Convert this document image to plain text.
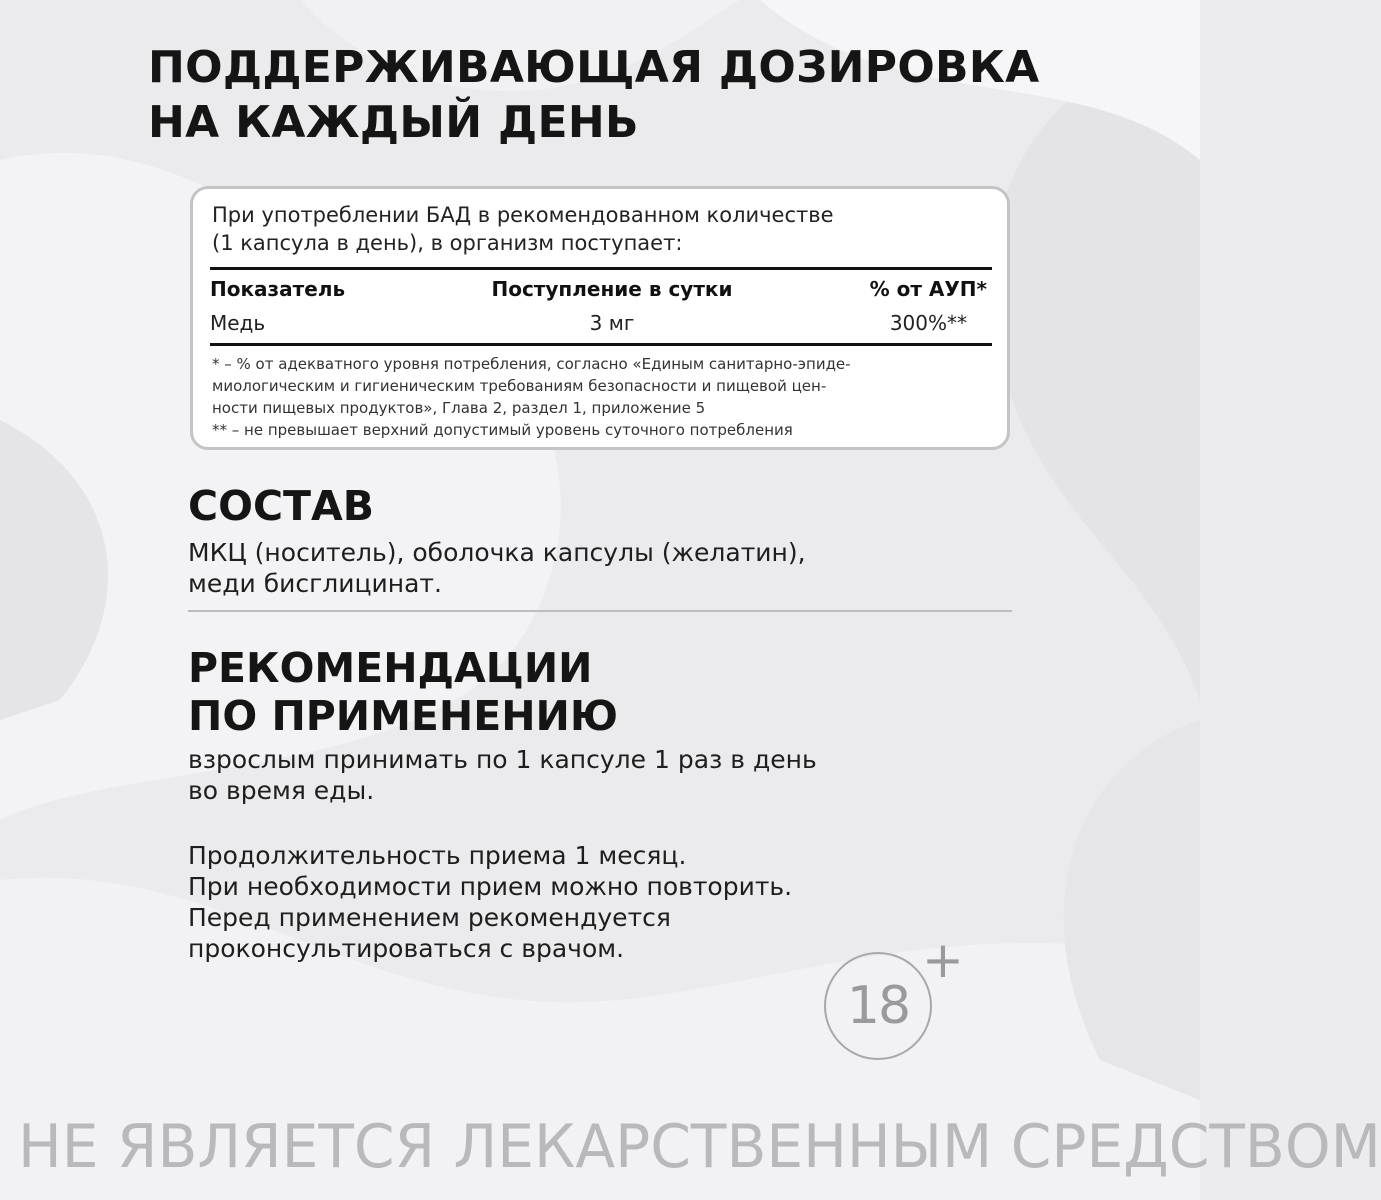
ПОДДЕРЖИВАЮЩАЯ ДОЗИРОВКА
НА КАЖДЫЙ ДЕНЬ
При употреблении БАД в рекомендованном количестве
(1 капсула в день), в организм поступает:
Показатель	Поступление в сутки	% от АУП*
Медь	3 мг	300%**
* – % от адекватного уровня потребления, согласно «Единым санитарно-эпиде-
миологическим и гигиеническим требованиям безопасности и пищевой цен-
ности пищевых продуктов», Глава 2, раздел 1, приложение 5
** – не превышает верхний допустимый уровень суточного потребления
СОСТАВ

МКЦ (носитель), оболочка капсулы (желатин),
меди бисглицинат.

РЕКОМЕНДАЦИИ
ПО ПРИМЕНЕНИЮ

взрослым принимать по 1 капсуле 1 раз в день
во время еды.

Продолжительность приема 1 месяц.
При необходимости прием можно повторить.
Перед применением рекомендуется
проконсультироваться с врачом.

18
+
НЕ ЯВЛЯЕТСЯ ЛЕКАРСТВЕННЫМ СРЕДСТВОМ
